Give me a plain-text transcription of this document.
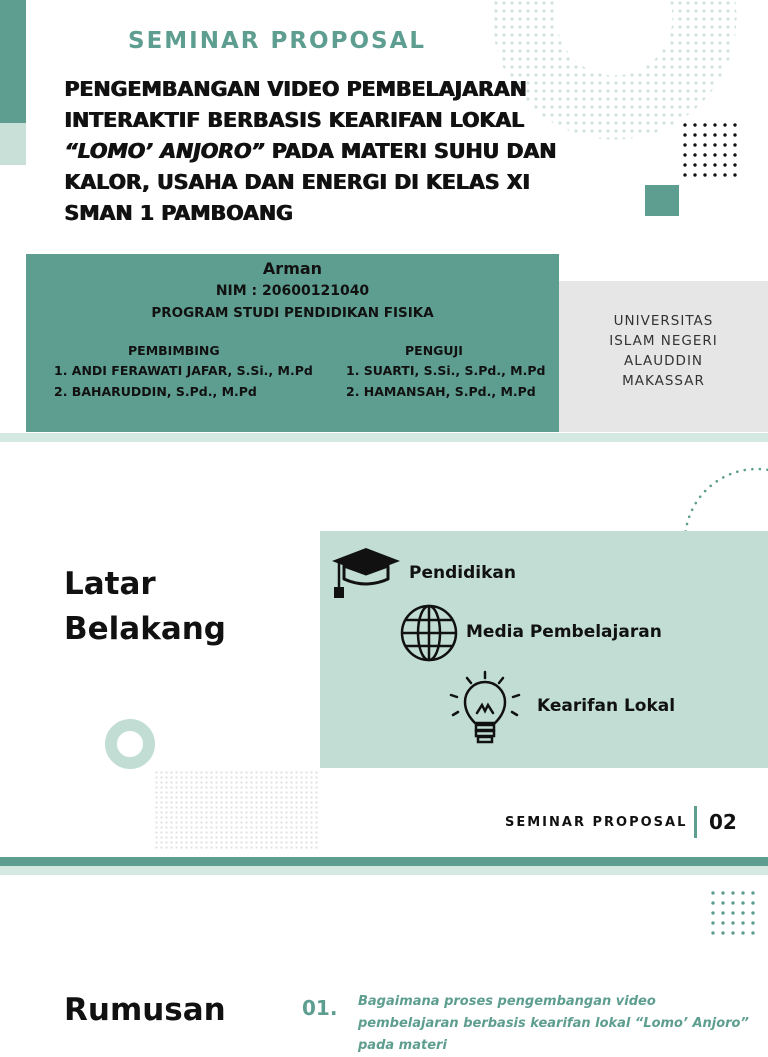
SEMINAR PROPOSAL
PENGEMBANGAN VIDEO PEMBELAJARAN
INTERAKTIF BERBASIS KEARIFAN LOKAL
“LOMO’ ANJORO” PADA MATERI SUHU DAN
KALOR, USAHA DAN ENERGI DI KELAS XI
SMAN 1 PAMBOANG
Arman
NIM : 20600121040
PROGRAM STUDI PENDIDIKAN FISIKA
PEMBIMBING
1. ANDI FERAWATI JAFAR, S.Si., M.Pd
2. BAHARUDDIN, S.Pd., M.Pd
PENGUJI
1. SUARTI, S.Si., S.Pd., M.Pd
2. HAMANSAH, S.Pd., M.Pd
UNIVERSITAS
ISLAM NEGERI
ALAUDDIN
MAKASSAR
Latar
Belakang
Pendidikan
Media Pembelajaran
Kearifan Lokal
SEMINAR PROPOSAL 02
Rumusan	01. Bagaimana proses pengembangan video pembelajaran berbasis kearifan lokal “Lomo’ Anjoro” pada materi
